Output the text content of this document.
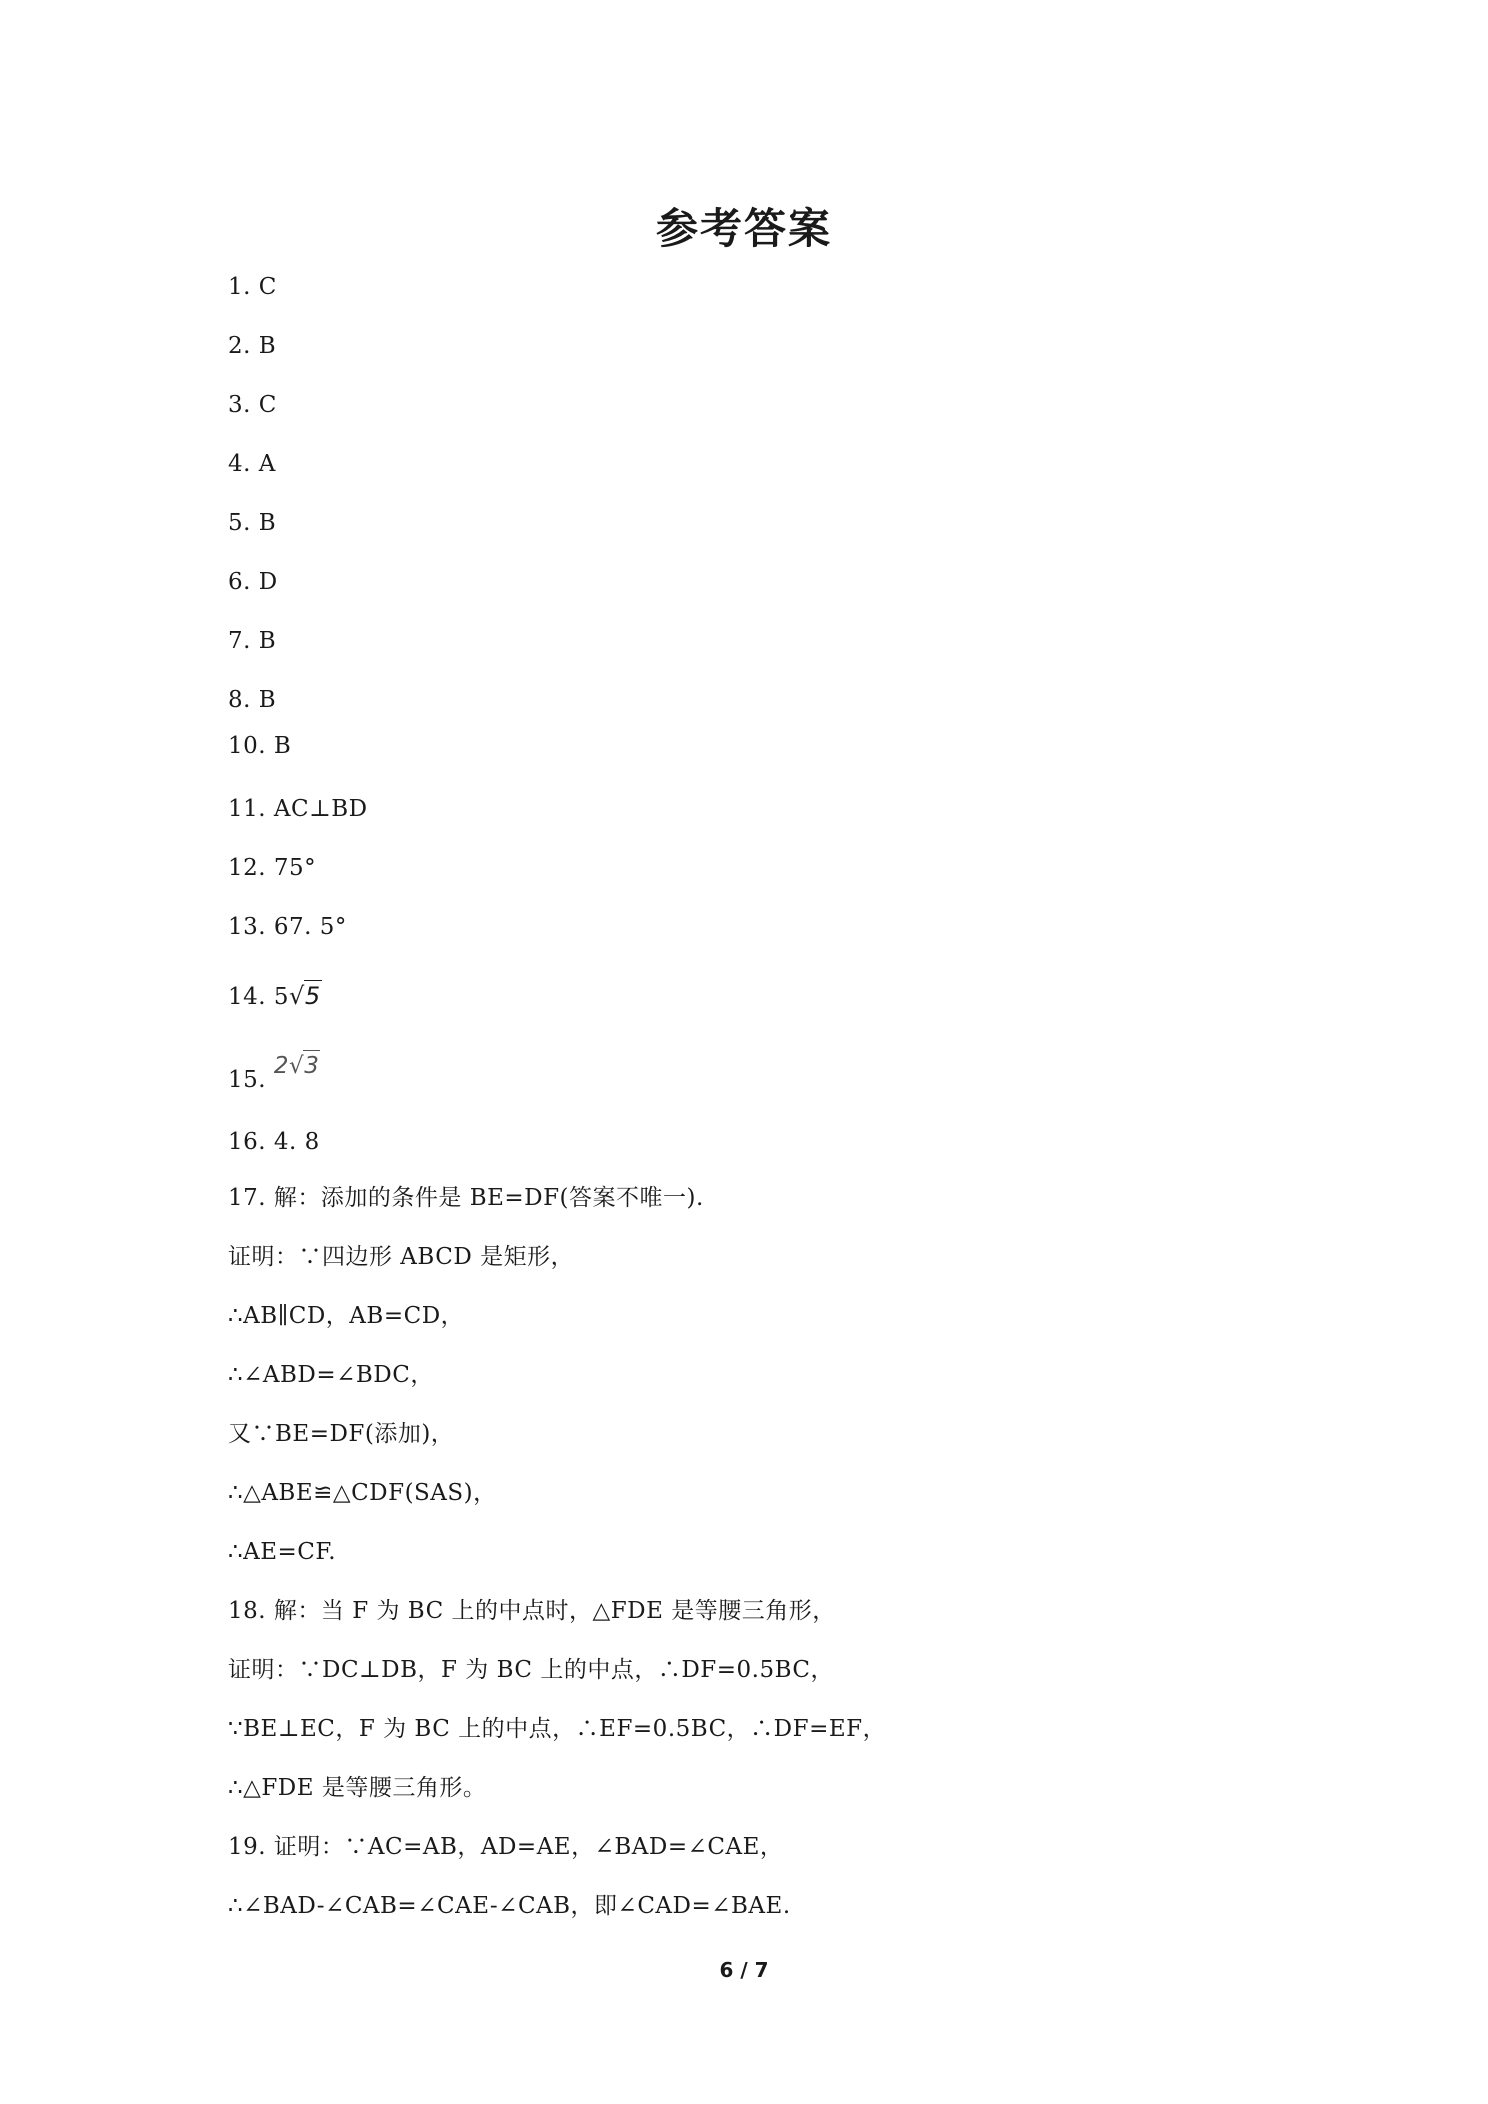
参考答案
1. C
2. B
3. C
4. A
5. B
6. D
7. B
8. B
10. B
11. AC⊥BD
12. 75°
13. 67. 5°
14. 5√5
15. 2√3
16. 4. 8
17. 解：添加的条件是 BE=DF(答案不唯一).
证明：∵四边形 ABCD 是矩形，
∴AB∥CD，AB=CD，
∴∠ABD=∠BDC，
又∵BE=DF(添加)，
∴△ABE≌△CDF(SAS)，
∴AE=CF.
18. 解：当 F 为 BC 上的中点时，△FDE 是等腰三角形，
证明：∵DC⊥DB，F 为 BC 上的中点，∴DF=0.5BC，
∵BE⊥EC，F 为 BC 上的中点，∴EF=0.5BC，∴DF=EF，
∴△FDE 是等腰三角形。
19. 证明：∵AC=AB，AD=AE，∠BAD=∠CAE，
∴∠BAD-∠CAB=∠CAE-∠CAB，即∠CAD=∠BAE.
6 / 7
